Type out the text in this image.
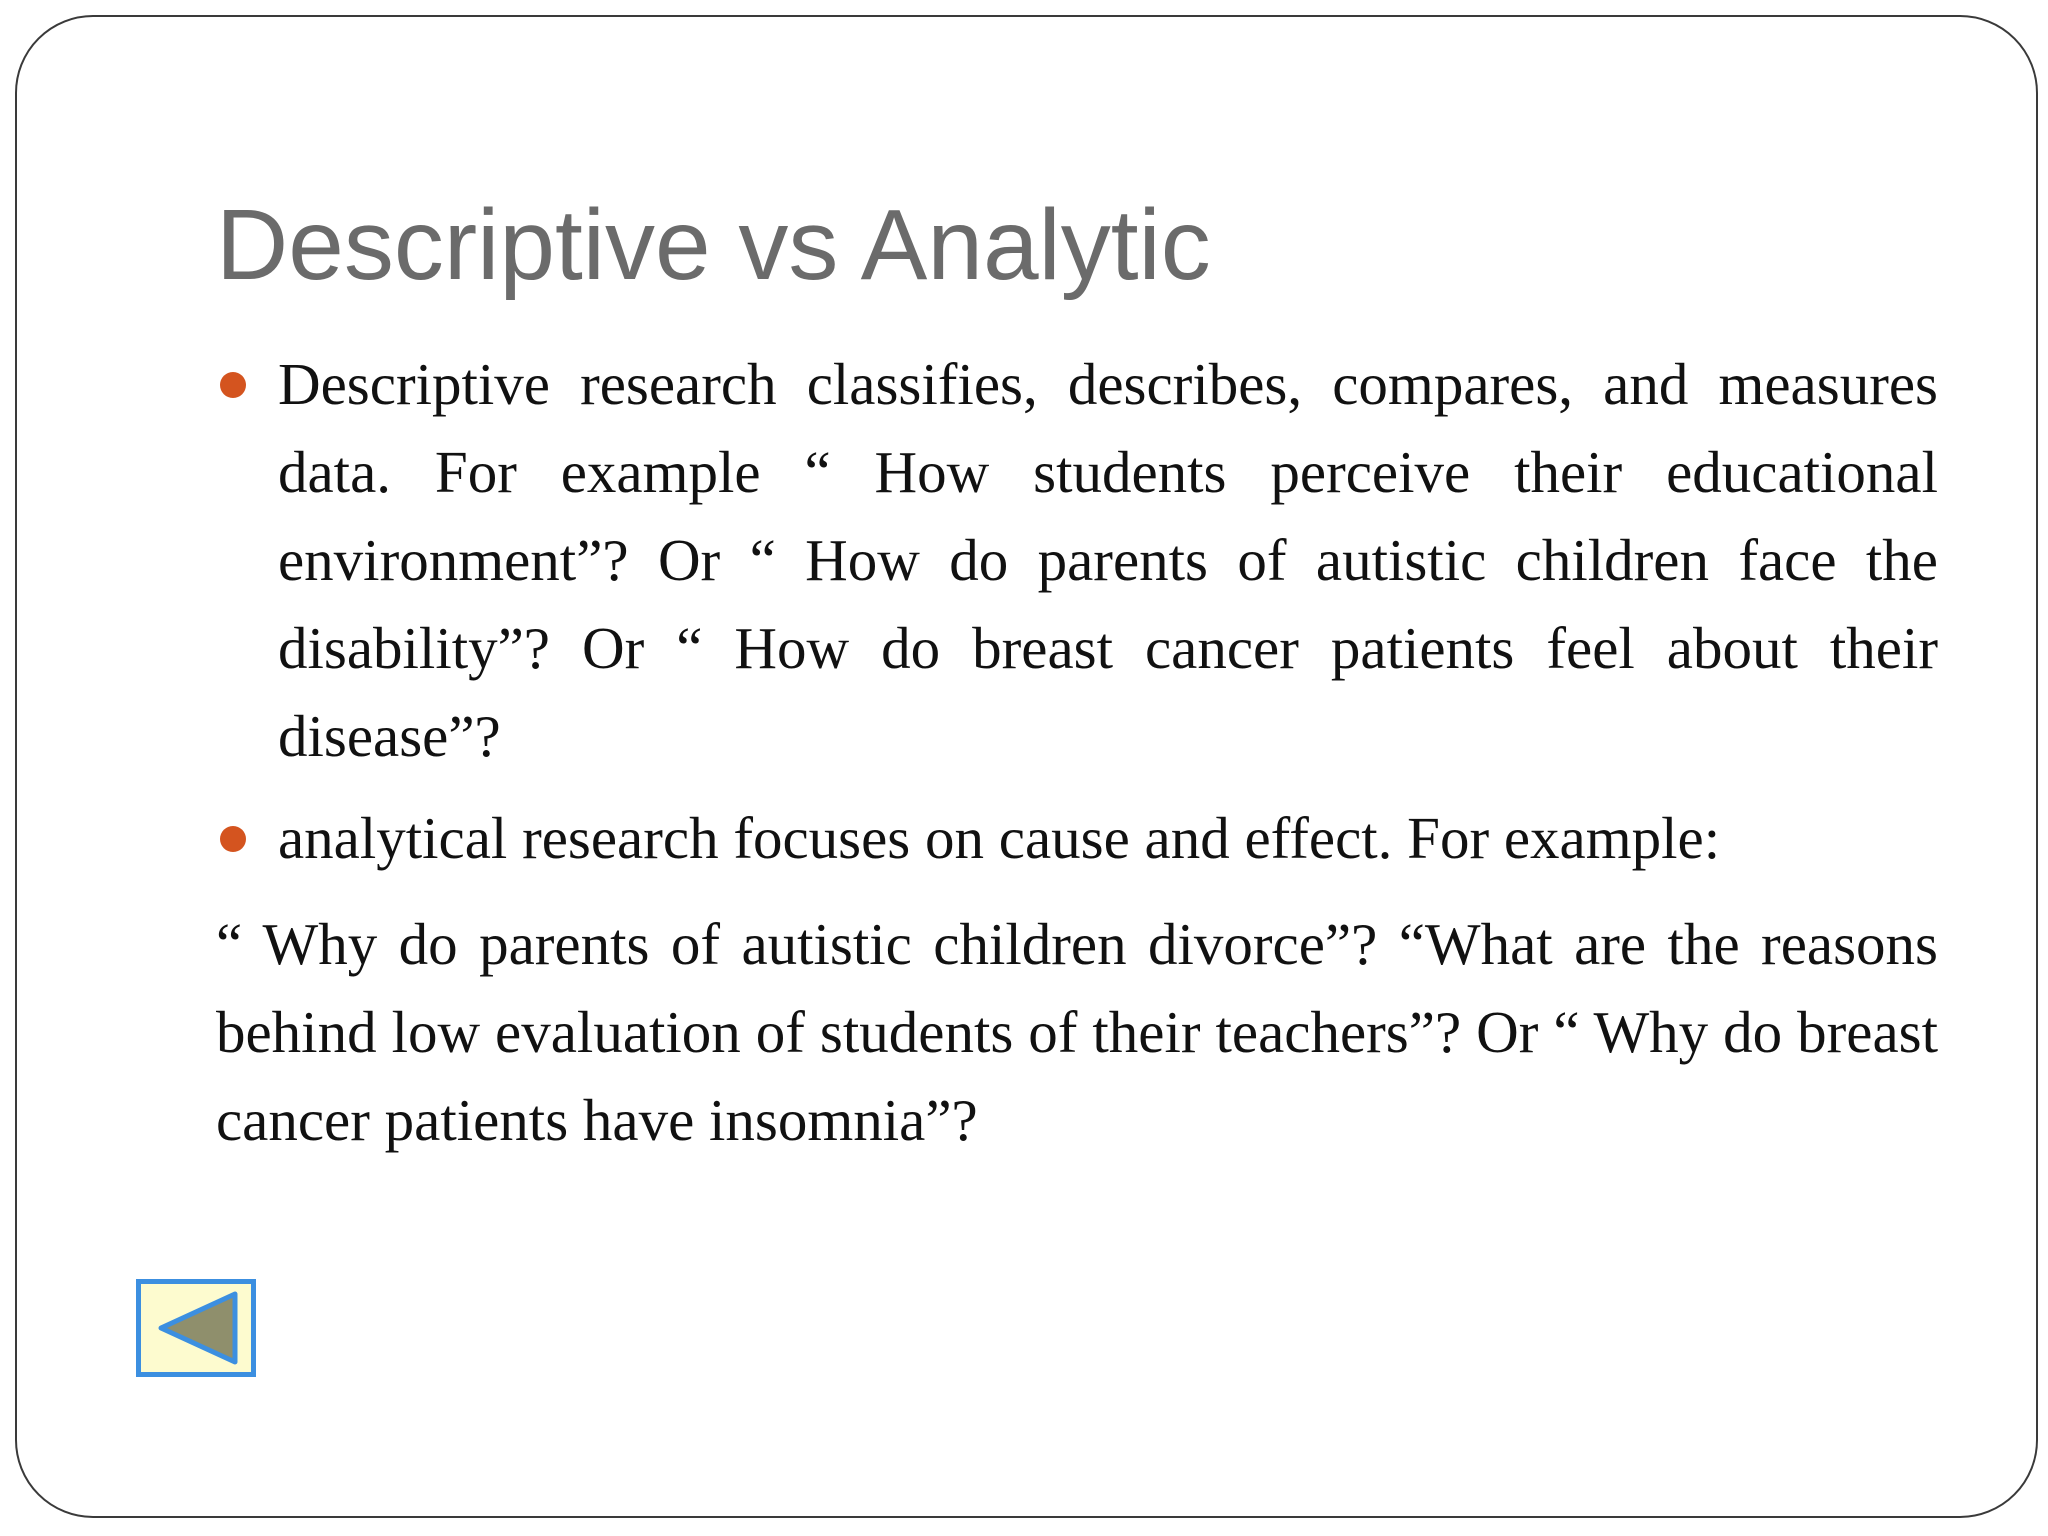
Descriptive vs Analytic
Descriptive research classifies, describes, compares, and measures data. For example “ How students perceive their educational environment”? Or “ How do parents of autistic children face the disability”? Or “ How do breast cancer patients feel about their disease”?
analytical research focuses on cause and effect. For example:
“ Why do parents of autistic children divorce”? “What are the reasons behind low evaluation of students of their teachers”? Or “ Why do breast cancer patients have insomnia”?
